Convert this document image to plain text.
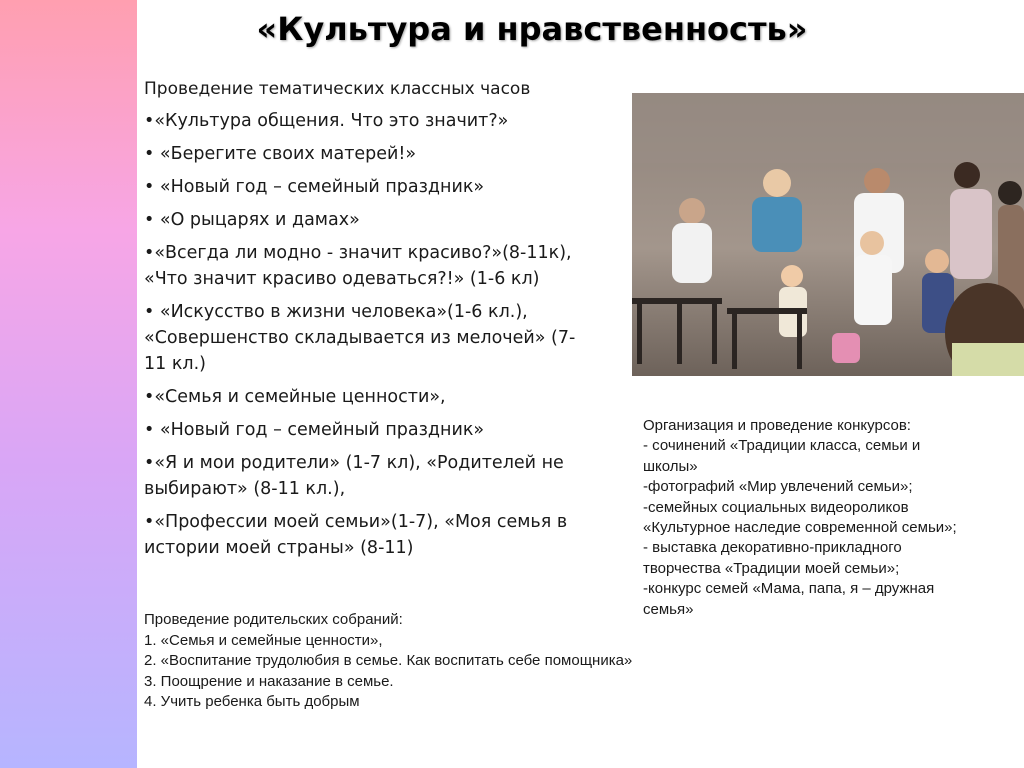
«Культура и нравственность»
Проведение тематических классных часов
•«Культура общения. Что это значит?»
• «Берегите своих матерей!»
• «Новый год – семейный праздник»
• «О рыцарях и дамах»
•«Всегда ли модно - значит красиво?»(8-11к),
«Что значит красиво одеваться?!» (1-6 кл)
• «Искусство в жизни человека»(1-6 кл.),
«Совершенство складывается из мелочей» (7-
11 кл.)
•«Семья и семейные ценности»,
• «Новый год – семейный праздник»
•«Я и мои родители» (1-7 кл), «Родителей не
выбирают» (8-11 кл.),
•«Профессии моей семьи»(1-7), «Моя семья в
истории моей страны» (8-11)
Проведение родительских собраний:
1. «Семья и семейные ценности»,
2. «Воспитание трудолюбия в семье. Как воспитать себе помощника»
3. Поощрение и наказание в семье.
4. Учить ребенка быть добрым
Организация и проведение конкурсов:
- сочинений «Традиции класса, семьи и
школы»
-фотографий «Мир увлечений семьи»;
-семейных социальных видеороликов
«Культурное наследие современной семьи»;
- выставка декоративно-прикладного
творчества «Традиции моей семьи»;
-конкурс семей «Мама, папа, я – дружная
семья»
